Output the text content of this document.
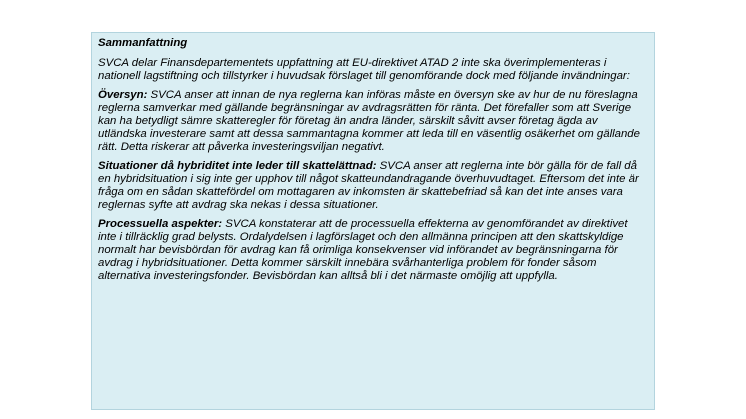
Sammanfattning

SVCA delar Finansdepartementets uppfattning att EU-direktivet ATAD 2 inte ska överimplementeras i nationell lagstiftning och tillstyrker i huvudsak förslaget till genomförande dock med följande invändningar:

Översyn: SVCA anser att innan de nya reglerna kan införas måste en översyn ske av hur de nu föreslagna reglerna samverkar med gällande begränsningar av avdragsrätten för ränta. Det förefaller som att Sverige kan ha betydligt sämre skatteregler för företag än andra länder, särskilt såvitt avser företag ägda av utländska investerare samt att dessa sammantagna kommer att leda till en väsentlig osäkerhet om gällande rätt. Detta riskerar att påverka investeringsviljan negativt.

Situationer då hybriditet inte leder till skattelättnad: SVCA anser att reglerna inte bör gälla för de fall då en hybridsituation i sig inte ger upphov till något skatteundandragande överhuvudtaget. Eftersom det inte är fråga om en sådan skattefördel om mottagaren av inkomsten är skattebefriad så kan det inte anses vara reglernas syfte att avdrag ska nekas i dessa situationer.

Processuella aspekter: SVCA konstaterar att de processuella effekterna av genomförandet av direktivet inte i tillräcklig grad belysts. Ordalydelsen i lagförslaget och den allmänna principen att den skattskyldige normalt har bevisbördan för avdrag kan få orimliga konsekvenser vid införandet av begränsningarna för avdrag i hybridsituationer. Detta kommer särskilt innebära svårhanterliga problem för fonder såsom alternativa investeringsfonder. Bevisbördan kan alltså bli i det närmaste omöjlig att uppfylla.
